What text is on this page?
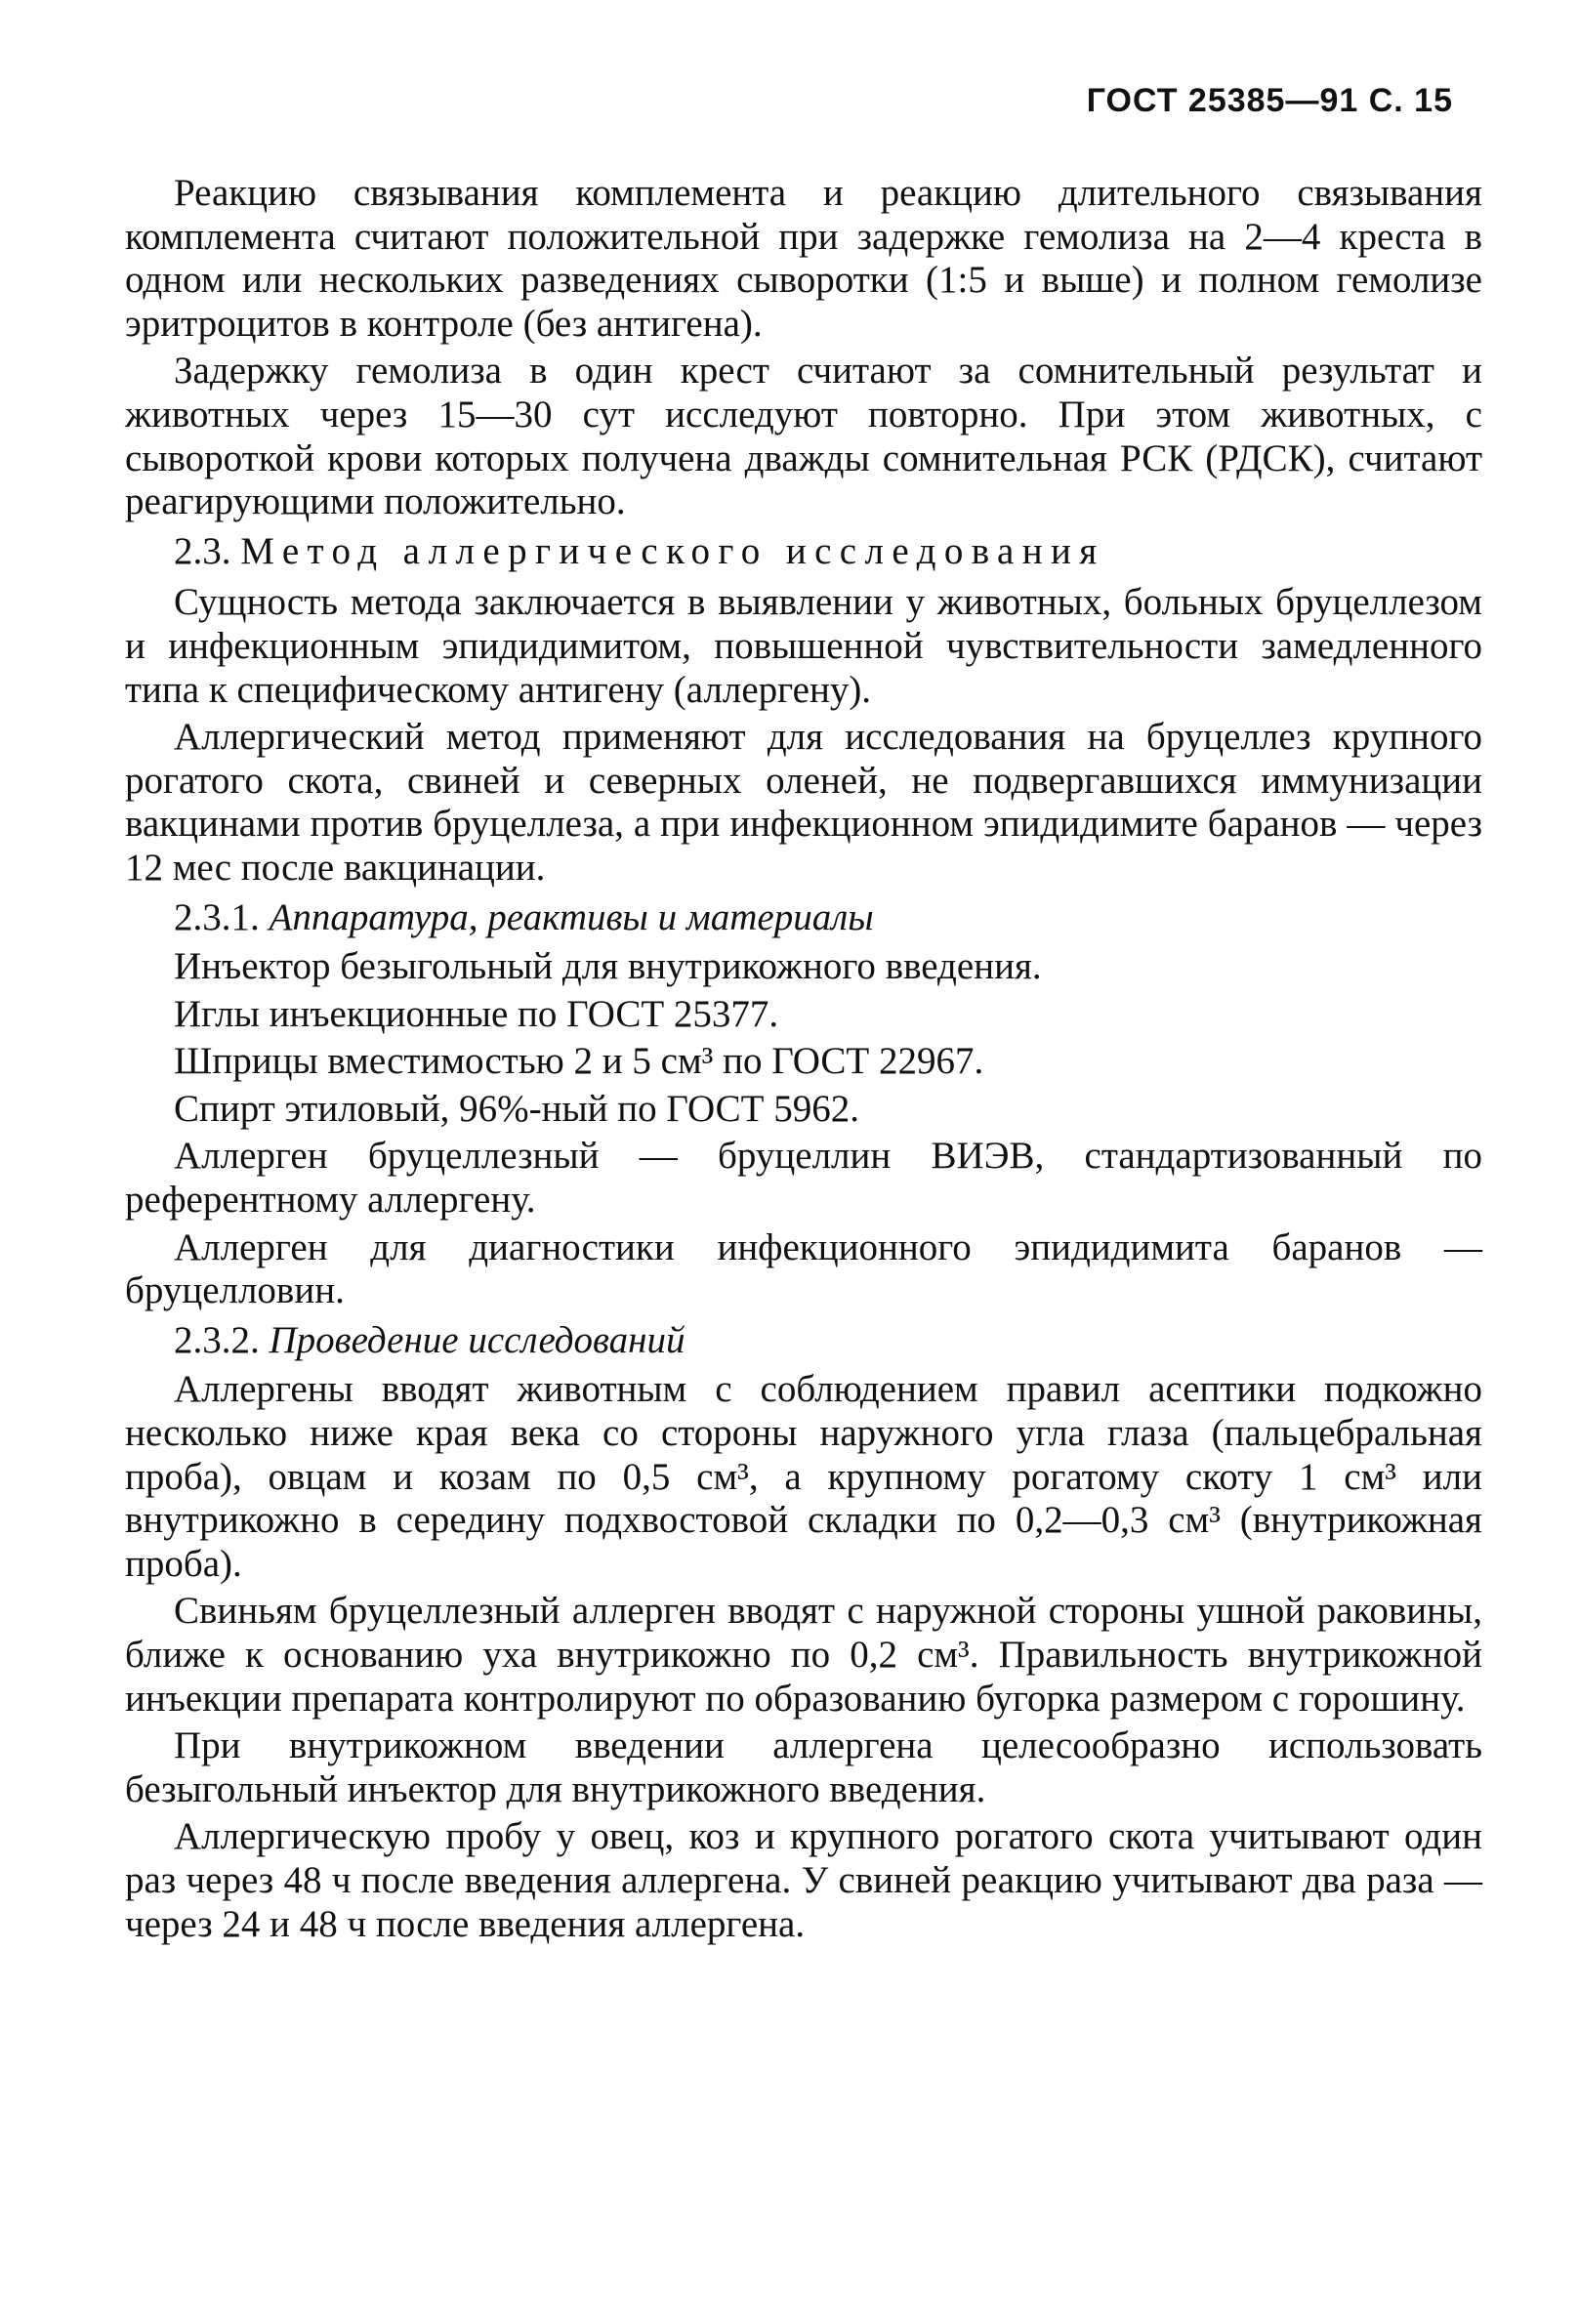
ГОСТ 25385—91 С. 15

Реакцию связывания комплемента и реакцию длительного связывания комплемента считают положительной при задержке гемолиза на 2—4 креста в одном или нескольких разведениях сыворотки (1:5 и выше) и полном гемолизе эритроцитов в контроле (без антигена).

Задержку гемолиза в один крест считают за сомнительный результат и животных через 15—30 сут исследуют повторно. При этом животных, с сывороткой крови которых получена дважды сомнительная РСК (РДСК), считают реагирующими положительно.

2.3. Метод аллергического исследования

Сущность метода заключается в выявлении у животных, больных бруцеллезом и инфекционным эпидидимитом, повышенной чувствительности замедленного типа к специфическому антигену (аллергену).

Аллергический метод применяют для исследования на бруцеллез крупного рогатого скота, свиней и северных оленей, не подвергавшихся иммунизации вакцинами против бруцеллеза, а при инфекционном эпидидимите баранов — через 12 мес после вакцинации.

2.3.1. Аппаратура, реактивы и материалы

Инъектор безыгольный для внутрикожного введения.

Иглы инъекционные по ГОСТ 25377.

Шприцы вместимостью 2 и 5 см³ по ГОСТ 22967.

Спирт этиловый, 96%-ный по ГОСТ 5962.

Аллерген бруцеллезный — бруцеллин ВИЭВ, стандартизованный по референтному аллергену.

Аллерген для диагностики инфекционного эпидидимита баранов — бруцелловин.

2.3.2. Проведение исследований

Аллергены вводят животным с соблюдением правил асептики подкожно несколько ниже края века со стороны наружного угла глаза (пальцебральная проба), овцам и козам по 0,5 см³, а крупному рогатому скоту 1 см³ или внутрикожно в середину подхвостовой складки по 0,2—0,3 см³ (внутрикожная проба).

Свиньям бруцеллезный аллерген вводят с наружной стороны ушной раковины, ближе к основанию уха внутрикожно по 0,2 см³. Правильность внутрикожной инъекции препарата контролируют по образованию бугорка размером с горошину.

При внутрикожном введении аллергена целесообразно использовать безыгольный инъектор для внутрикожного введения.

Аллергическую пробу у овец, коз и крупного рогатого скота учитывают один раз через 48 ч после введения аллергена. У свиней реакцию учитывают два раза — через 24 и 48 ч после введения аллергена.
